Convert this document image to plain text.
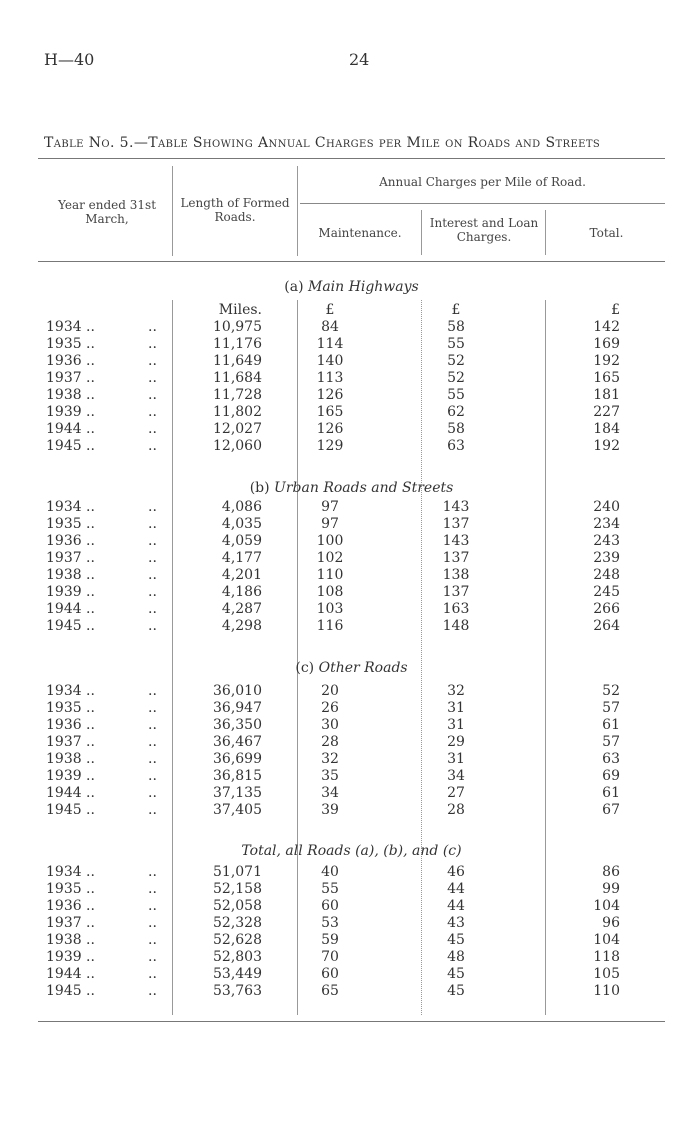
H—40	24
Table No. 5.—Table Showing Annual Charges per Mile on Roads and Streets
Year ended 31st March,
Length of Formed Roads.
Annual Charges per Mile of Road.
Maintenance.
Interest and Loan Charges.	Total.
Miles.	£	£	£
(a) Main Highways
1934 ..	..	10,975	84	58	142
1935 ..	..	11,176	114	55	169
1936 ..	..	11,649	140	52	192
1937 ..	..	11,684	113	52	165
1938 ..	..	11,728	126	55	181
1939 ..	..	11,802	165	62	227
1944 ..	..	12,027	126	58	184
1945 ..	..	12,060	129	63	192
(b) Urban Roads and Streets
1934 ..	..	4,086	97	143	240
1935 ..	..	4,035	97	137	234
1936 ..	..	4,059	100	143	243
1937 ..	..	4,177	102	137	239
1938 ..	..	4,201	110	138	248
1939 ..	..	4,186	108	137	245
1944 ..	..	4,287	103	163	266
1945 ..	..	4,298	116	148	264
(c) Other Roads
1934 ..	..	36,010	20	32	52
1935 ..	..	36,947	26	31	57
1936 ..	..	36,350	30	31	61
1937 ..	..	36,467	28	29	57
1938 ..	..	36,699	32	31	63
1939 ..	..	36,815	35	34	69
1944 ..	..	37,135	34	27	61
1945 ..	..	37,405	39	28	67
Total, all Roads (a), (b), and (c)
1934 ..	..	51,071	40	46	86
1935 ..	..	52,158	55	44	99
1936 ..	..	52,058	60	44	104
1937 ..	..	52,328	53	43	96
1938 ..	..	52,628	59	45	104
1939 ..	..	52,803	70	48	118
1944 ..	..	53,449	60	45	105
1945 ..	..	53,763	65	45	110
